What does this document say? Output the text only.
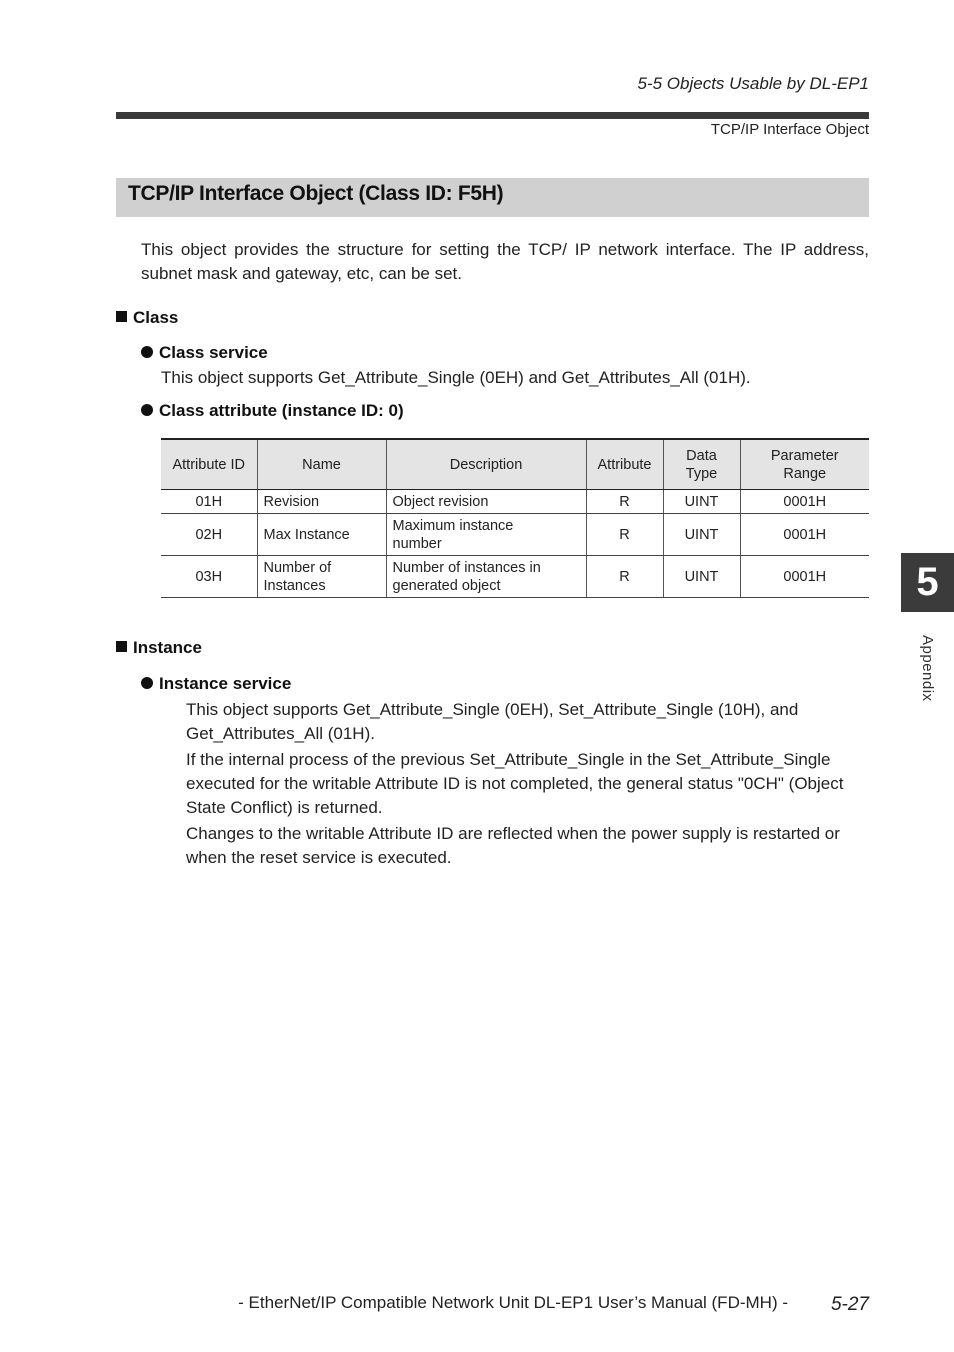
5-5 Objects Usable by DL-EP1
TCP/IP Interface Object
TCP/IP Interface Object (Class ID: F5H)
This object provides the structure for setting the TCP/ IP network interface. The IP address, subnet mask and gateway, etc, can be set.
Class
Class service
This object supports Get_Attribute_Single (0EH) and Get_Attributes_All (01H).
Class attribute (instance ID: 0)
Attribute ID	Name	Description	Attribute	Data Type	Parameter Range
01H	Revision	Object revision	R	UINT	0001H
02H	Max Instance	Maximum instance number	R	UINT	0001H
03H	Number of Instances	Number of instances in generated object	R	UINT	0001H
Instance
Instance service
This object supports Get_Attribute_Single (0EH), Set_Attribute_Single (10H), and Get_Attributes_All (01H).
If the internal process of the previous Set_Attribute_Single in the Set_Attribute_Single executed for the writable Attribute ID is not completed, the general status "0CH" (Object State Conflict) is returned.
Changes to the writable Attribute ID are reflected when the power supply is restarted or when the reset service is executed.
5
Appendix
- EtherNet/IP Compatible Network Unit DL-EP1 User’s Manual (FD-MH) -	5-27
